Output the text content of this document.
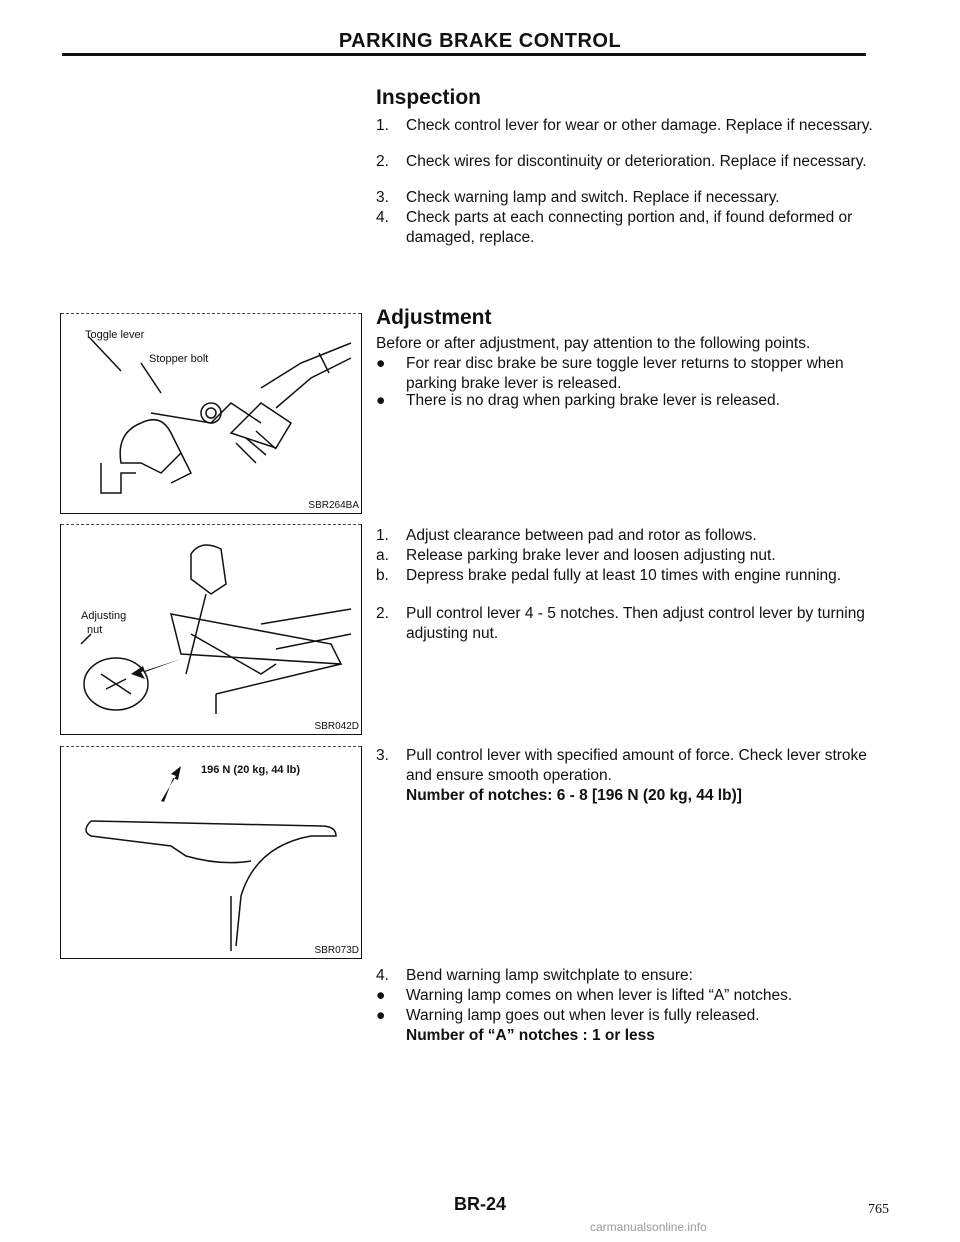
PARKING BRAKE CONTROL
Inspection
1. Check control lever for wear or other damage. Replace if necessary.
2. Check wires for discontinuity or deterioration. Replace if necessary.
3. Check warning lamp and switch. Replace if necessary.
4. Check parts at each connecting portion and, if found deformed or damaged, replace.
Adjustment
Before or after adjustment, pay attention to the following points.
● For rear disc brake be sure toggle lever returns to stopper when parking brake lever is released.
● There is no drag when parking brake lever is released.
1. Adjust clearance between pad and rotor as follows.
a. Release parking brake lever and loosen adjusting nut.
b. Depress brake pedal fully at least 10 times with engine running.
2. Pull control lever 4 - 5 notches. Then adjust control lever by turning adjusting nut.
3. Pull control lever with specified amount of force. Check lever stroke and ensure smooth operation.
Number of notches: 6 - 8 [196 N (20 kg, 44 lb)]
4. Bend warning lamp switchplate to ensure:
● Warning lamp comes on when lever is lifted “A” notches.
● Warning lamp goes out when lever is fully released.
Number of “A” notches : 1 or less
Toggle lever
Stopper bolt
SBR264BA
Adjusting
nut
SBR042D
196 N (20 kg, 44 lb)
SBR073D
BR-24	765
carmanualsonline.info
